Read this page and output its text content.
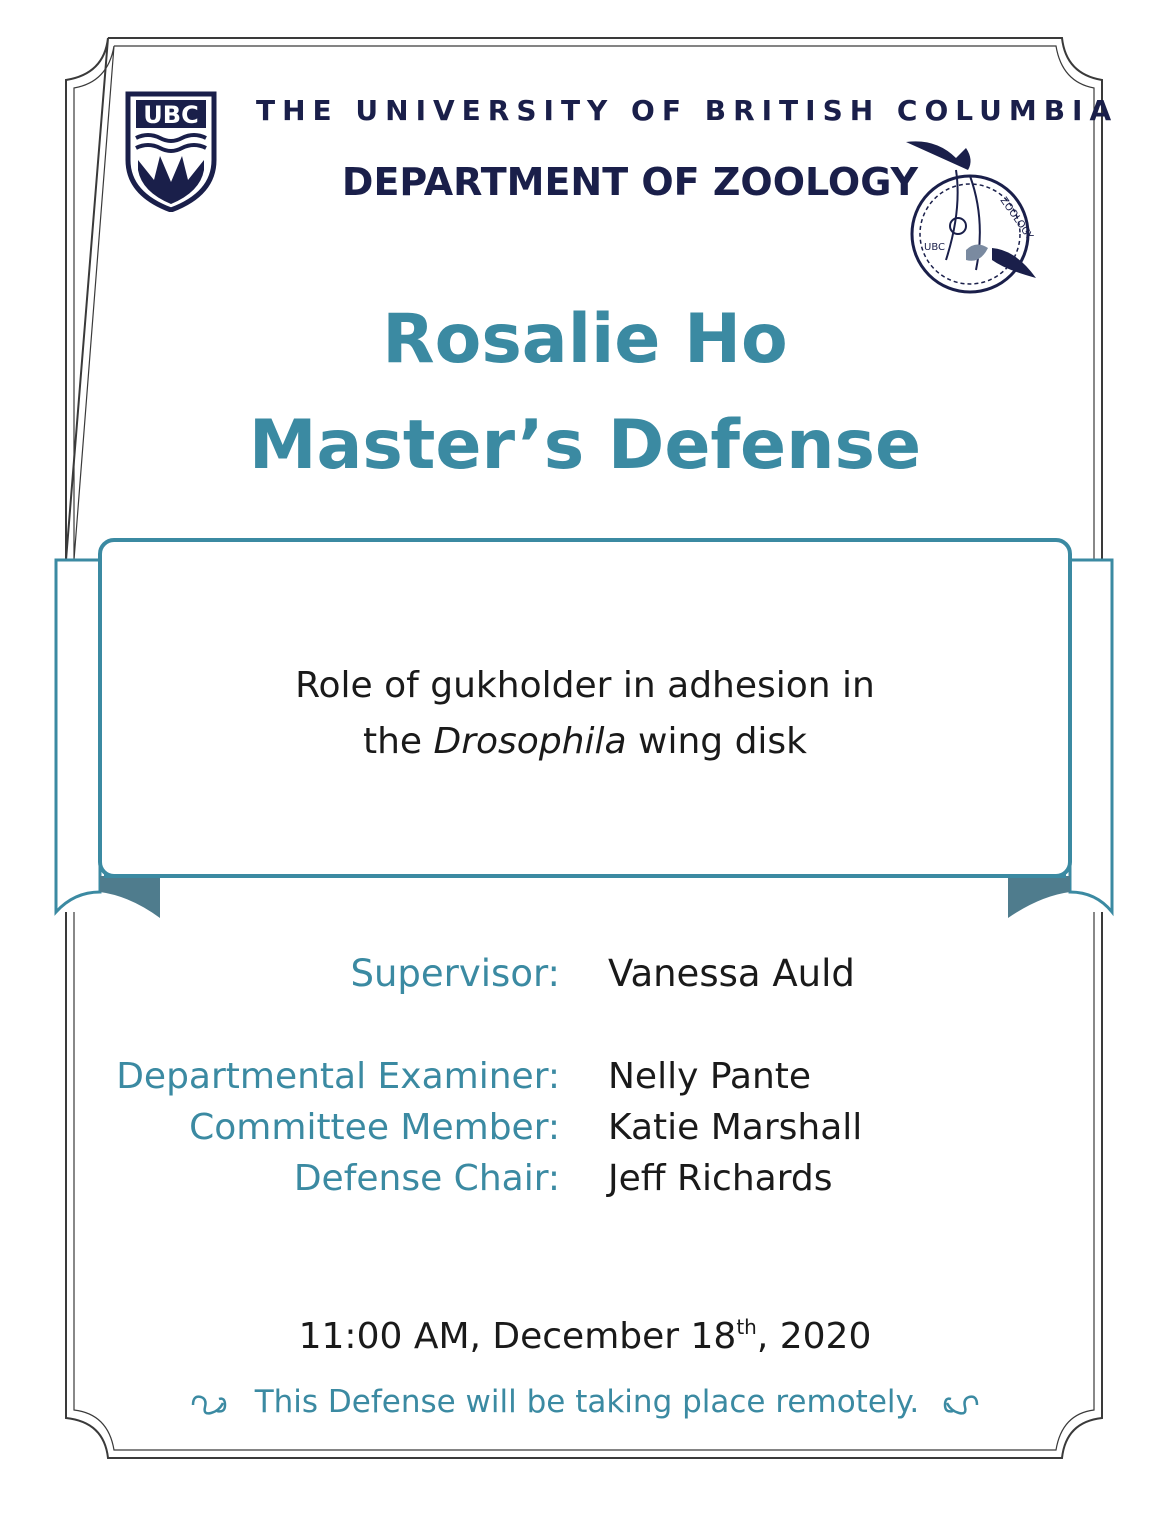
UBC THE UNIVERSITY OF BRITISH COLUMBIA
DEPARTMENT OF ZOOLOGY
ZOOLOGY
UBC
Rosalie Ho
Master’s Defense
Role of gukholder in adhesion in
the Drosophila wing disk
Supervisor: Vanessa Auld
Departmental Examiner: Nelly Pante
Committee Member: Katie Marshall
Defense Chair: Jeff Richards
11:00 AM, December 18th, 2020
This Defense will be taking place remotely.
